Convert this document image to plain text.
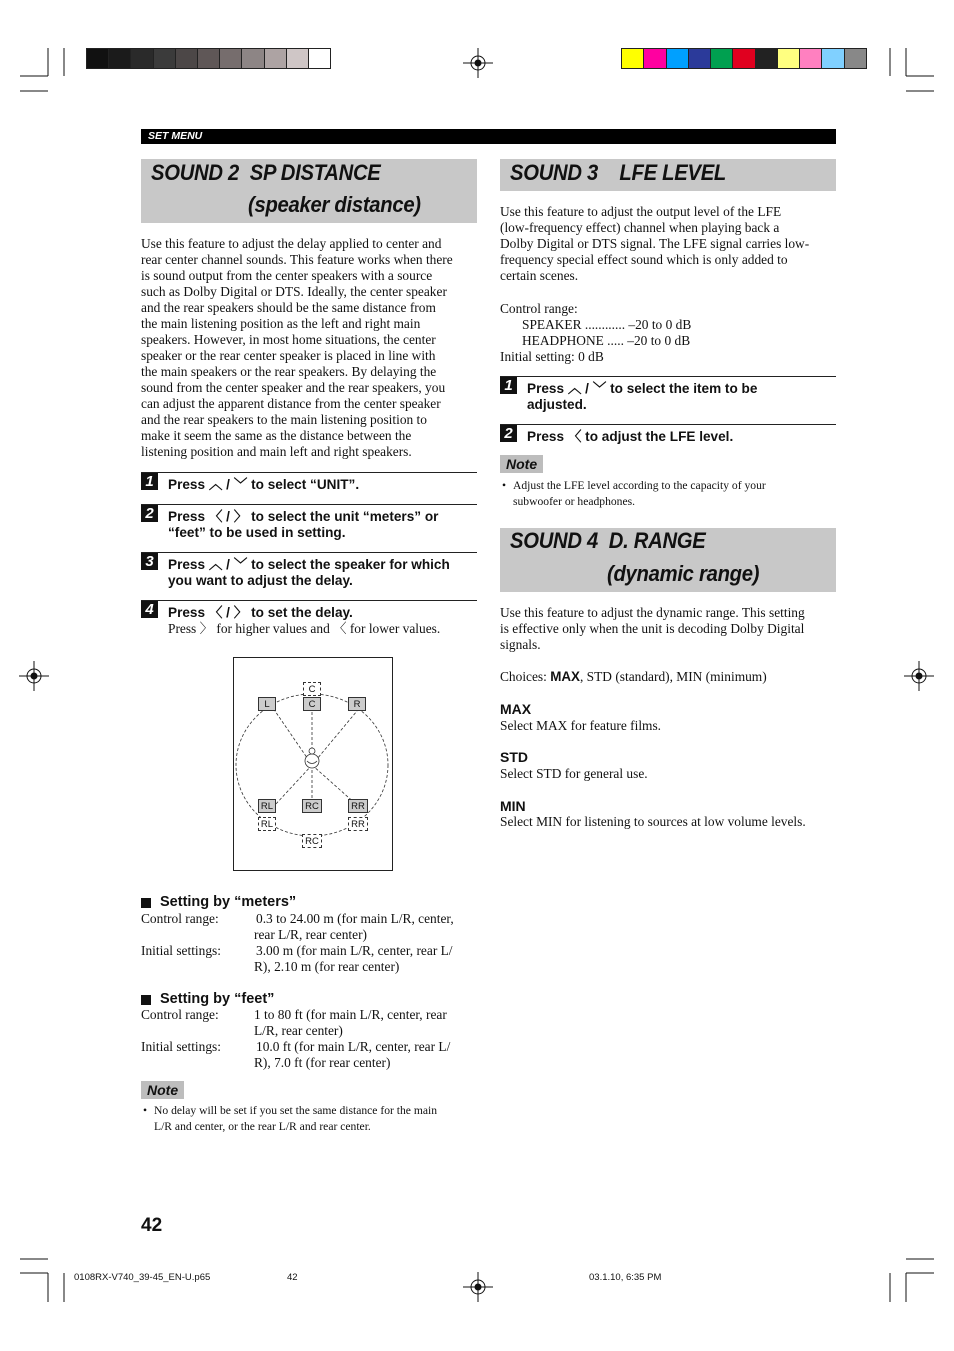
SET MENU
SOUND 2  SP DISTANCE
(speaker distance)
Use this feature to adjust the delay applied to center and
rear center channel sounds. This feature works when there
is sound output from the center speakers with a source
such as Dolby Digital or DTS. Ideally, the center speaker
and the rear speakers should be the same distance from
the main listening position as the left and right main
speakers. However, in most home situations, the center
speaker or the rear center speaker is placed in line with
the main speakers or the rear speakers. By delaying the
sound from the center speaker and the rear speakers, you
can adjust the apparent distance from the center speaker
and the rear speakers to the main listening position to
make it seem the same as the distance between the
listening position and main left and right speakers.
1	Press ︿ / ﹀ to select “UNIT”.
2	Press 〈 / 〉 to select the unit “meters” or
“feet” to be used in setting.
3	Press ︿ / ﹀ to select the speaker for which
you want to adjust the delay.
4	Press 〈 / 〉 to set the delay.
Press 〉 for higher values and 〈 for lower values.
C
L	C	R
RL	RC	RR
RL	RR
RC
Setting by “meters”
Control range:	0.3 to 24.00 m (for main L/R, center,
rear L/R, rear center)
Initial settings:	3.00 m (for main L/R, center, rear L/
R), 2.10 m (for rear center)
Setting by “feet”
Control range:	1 to 80 ft (for main L/R, center, rear
L/R, rear center)
Initial settings:	10.0 ft (for main L/R, center, rear L/
R), 7.0 ft (for rear center)
Note
• No delay will be set if you set the same distance for the main
L/R and center, or the rear L/R and rear center.
SOUND 3    LFE LEVEL
Use this feature to adjust the output level of the LFE
(low-frequency effect) channel when playing back a
Dolby Digital or DTS signal. The LFE signal carries low-
frequency special effect sound which is only added to
certain scenes.
Control range:
SPEAKER ............ –20 to 0 dB
HEADPHONE ..... –20 to 0 dB
Initial setting: 0 dB
1	Press ︿ / ﹀ to select the item to be
adjusted.
2	Press 〈 to adjust the LFE level.
Note
• Adjust the LFE level according to the capacity of your
subwoofer or headphones.
SOUND 4  D. RANGE
(dynamic range)
Use this feature to adjust the dynamic range. This setting
is effective only when the unit is decoding Dolby Digital
signals.
Choices: MAX, STD (standard), MIN (minimum)
MAX
Select MAX for feature films.
STD
Select STD for general use.
MIN
Select MIN for listening to sources at low volume levels.
42
0108RX-V740_39-45_EN-U.p65	42	03.1.10, 6:35 PM
